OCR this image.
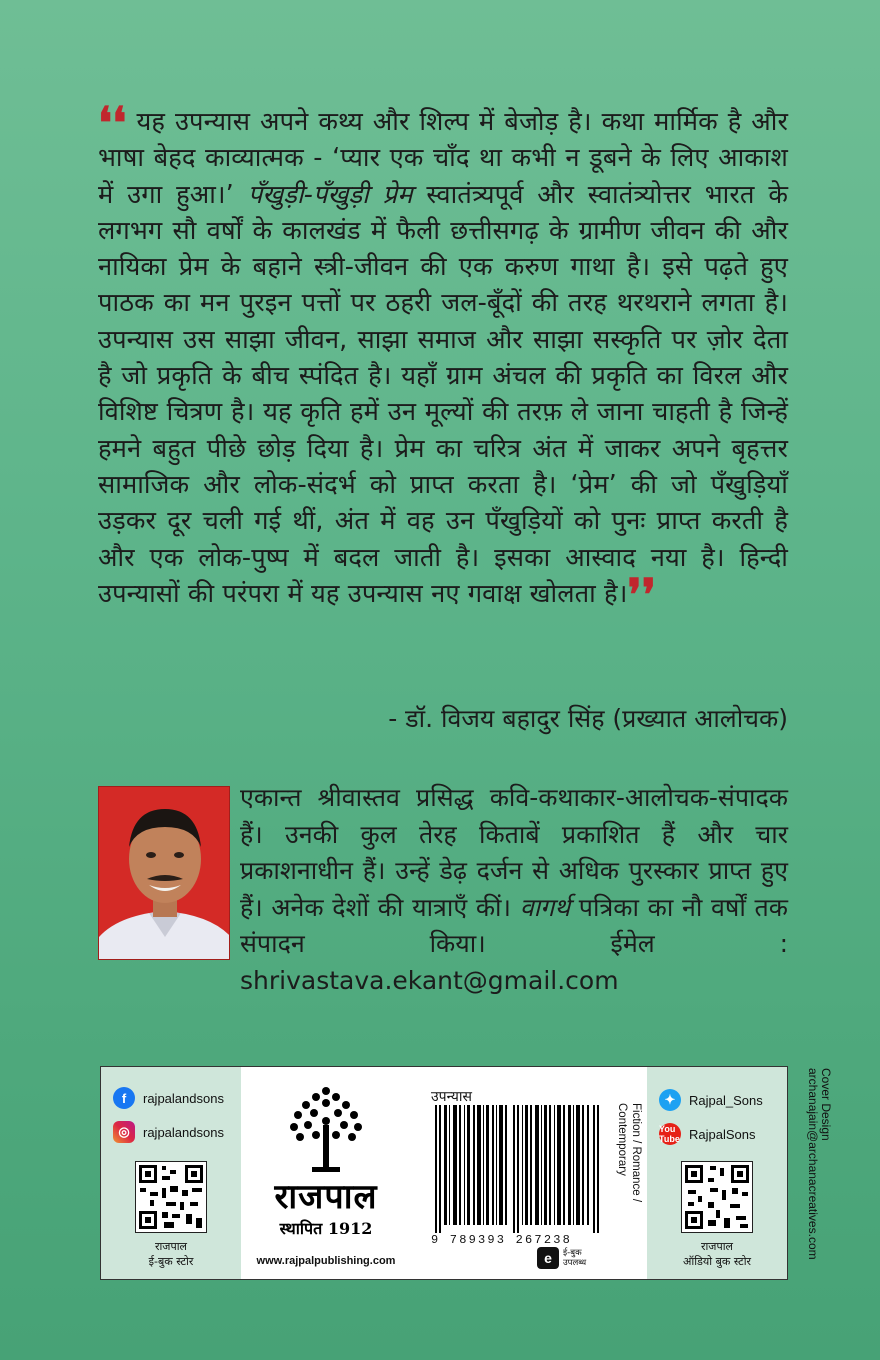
❛❛ यह उपन्यास अपने कथ्य और शिल्प में बेजोड़ है। कथा मार्मिक है और भाषा बेहद काव्यात्मक - ‘प्यार एक चाँद था कभी न डूबने के लिए आकाश में उगा हुआ।’ पँखुड़ी-पँखुड़ी प्रेम स्वातंत्र्यपूर्व और स्वातंत्र्योत्तर भारत के लगभग सौ वर्षों के कालखंड में फैली छत्तीसगढ़ के ग्रामीण जीवन की और नायिका प्रेम के बहाने स्त्री-जीवन की एक करुण गाथा है। इसे पढ़ते हुए पाठक का मन पुरइन पत्तों पर ठहरी जल-बूँदों की तरह थरथराने लगता है। उपन्यास उस साझा जीवन, साझा समाज और साझा सस्कृति पर ज़ोर देता है जो प्रकृति के बीच स्पंदित है। यहाँ ग्राम अंचल की प्रकृति का विरल और विशिष्ट चित्रण है। यह कृति हमें उन मूल्यों की तरफ़ ले जाना चाहती है जिन्हें हमने बहुत पीछे छोड़ दिया है। प्रेम का चरित्र अंत में जाकर अपने बृहत्तर सामाजिक और लोक-संदर्भ को प्राप्त करता है। ‘प्रेम’ की जो पँखुड़ियाँ उड़कर दूर चली गई थीं, अंत में वह उन पँखुड़ियों को पुनः प्राप्त करती है और एक लोक-पुष्प में बदल जाती है। इसका आस्वाद नया है। हिन्दी उपन्यासों की परंपरा में यह उपन्यास नए गवाक्ष खोलता है।❜❜
- डॉ. विजय बहादुर सिंह (प्रख्यात आलोचक)
एकान्त श्रीवास्तव प्रसिद्ध कवि-कथाकार-आलोचक-संपादक हैं। उनकी कुल तेरह किताबें प्रकाशित हैं और चार प्रकाशनाधीन हैं। उन्हें डेढ़ दर्जन से अधिक पुरस्कार प्राप्त हुए हैं। अनेक देशों की यात्राएँ कीं। वागर्थ पत्रिका का नौ वर्षों तक संपादन किया। ईमेल : shrivastava.ekant@gmail.com
f	rajpalandsons
◎	rajpalandsons
राजपाल
ई-बुक स्टोर
राजपाल
स्थापित 1912
www.rajpalpublishing.com
उपन्यास
9 789393 267238
Fiction / Romance / Contemporary
e	ई-बुक
उपलब्ध
✦	Rajpal_Sons
You Tube RajpalSons
राजपाल
ऑडियो बुक स्टोर
Cover Design
archanajain@archanacreatives.com
